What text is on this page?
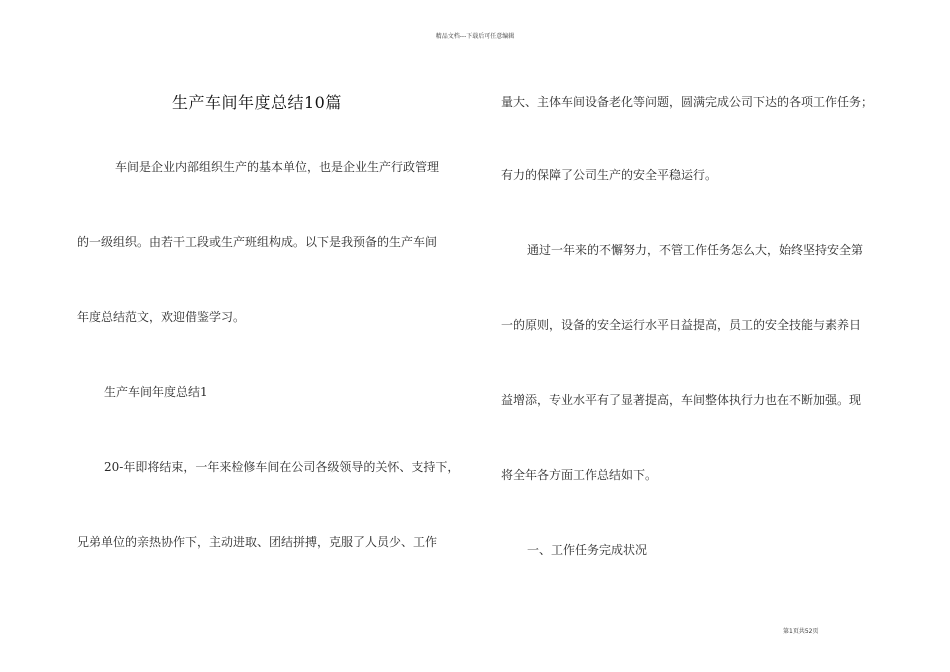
精品文档---下载后可任意编辑
生产车间年度总结10篇
车间是企业内部组织生产的基本单位，也是企业生产行政管理
的一级组织。由若干工段或生产班组构成。以下是我预备的生产车间
年度总结范文，欢迎借鉴学习。
生产车间年度总结1
20-年即将结束，一年来检修车间在公司各级领导的关怀、支持下，
兄弟单位的亲热协作下，主动进取、团结拼搏，克服了人员少、工作
量大、主体车间设备老化等问题，圆满完成公司下达的各项工作任务；
有力的保障了公司生产的安全平稳运行。
通过一年来的不懈努力，不管工作任务怎么大，始终坚持安全第
一的原则，设备的安全运行水平日益提高，员工的安全技能与素养日
益增添，专业水平有了显著提高，车间整体执行力也在不断加强。现
将全年各方面工作总结如下。
一、工作任务完成状况
第1页共52页
